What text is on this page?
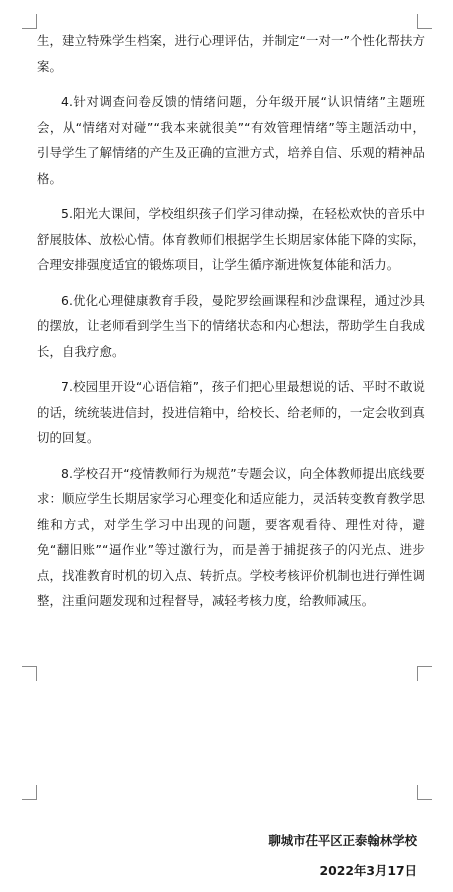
生，建立特殊学生档案，进行心理评估，并制定“一对一”个性化帮扶方案。

4.针对调查问卷反馈的情绪问题，分年级开展“认识情绪”主题班会，从“情绪对对碰”“我本来就很美”“有效管理情绪”等主题活动中，引导学生了解情绪的产生及正确的宣泄方式，培养自信、乐观的精神品格。

5.阳光大课间，学校组织孩子们学习律动操，在轻松欢快的音乐中舒展肢体、放松心情。体育教师们根据学生长期居家体能下降的实际，合理安排强度适宜的锻炼项目，让学生循序渐进恢复体能和活力。

6.优化心理健康教育手段，曼陀罗绘画课程和沙盘课程，通过沙具的摆放，让老师看到学生当下的情绪状态和内心想法，帮助学生自我成长，自我疗愈。

7.校园里开设“心语信箱”，孩子们把心里最想说的话、平时不敢说的话，统统装进信封，投进信箱中，给校长、给老师的，一定会收到真切的回复。

8.学校召开“疫情教师行为规范”专题会议，向全体教师提出底线要求：顺应学生长期居家学习心理变化和适应能力，灵活转变教育教学思维和方式，对学生学习中出现的问题，要客观看待、理性对待，避免“翻旧账”“逼作业”等过激行为，而是善于捕捉孩子的闪光点、进步点，找准教育时机的切入点、转折点。学校考核评价机制也进行弹性调整，注重问题发现和过程督导，减轻考核力度，给教师减压。

聊城市茌平区正泰翰林学校
2022年3月17日
